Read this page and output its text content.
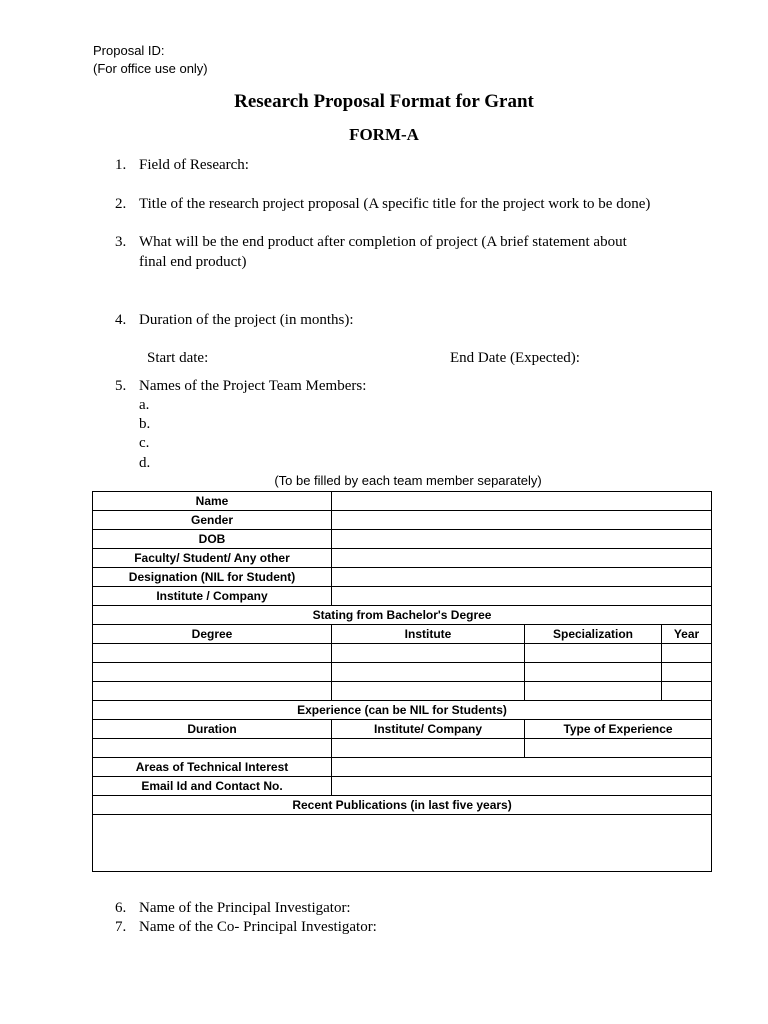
Proposal ID:
(For office use only)
Research Proposal Format for Grant
FORM-A
1. Field of Research:
2. Title of the research project proposal (A specific title for the project work to be done)
3. What will be the end product after completion of project (A brief statement about final end product)
4. Duration of the project (in months):
Start date:	End Date (Expected):
5. Names of the Project Team Members:
a.
b.
c.
d.
(To be filled by each team member separately)
Name			
Gender			
DOB			
Faculty/ Student/ Any other			
Designation (NIL for Student)			
Institute / Company			
Stating from Bachelor's Degree			
Degree	Institute	Specialization	Year

Experience (can be NIL for Students)			
Duration	Institute/ Company	Type of Experience	

Areas of Technical Interest			
Email Id and Contact No.			
Recent Publications (in last five years)			

6. Name of the Principal Investigator:
7. Name of the Co- Principal Investigator:
